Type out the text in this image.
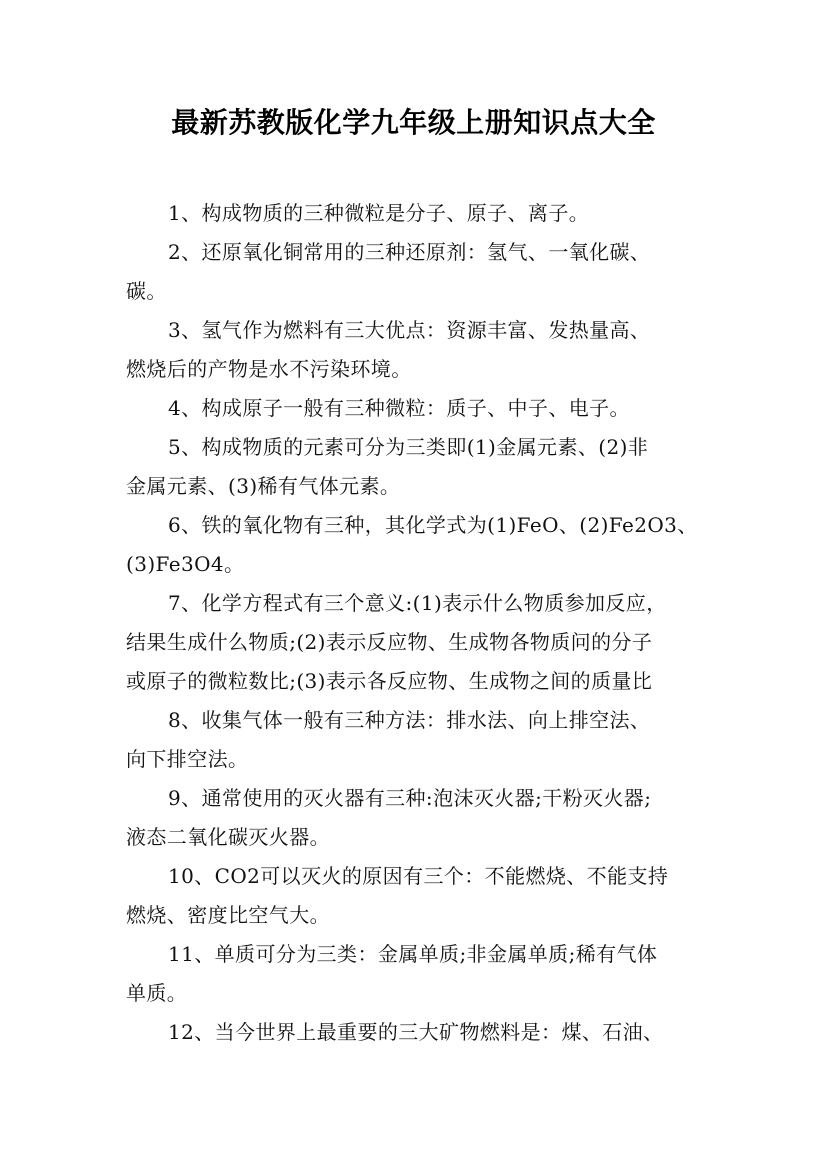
最新苏教版化学九年级上册知识点大全
1、构成物质的三种微粒是分子、原子、离子。
2、还原氧化铜常用的三种还原剂：氢气、一氧化碳、
碳。
3、氢气作为燃料有三大优点：资源丰富、发热量高、
燃烧后的产物是水不污染环境。
4、构成原子一般有三种微粒：质子、中子、电子。
5、构成物质的元素可分为三类即(1)金属元素、(2)非
金属元素、(3)稀有气体元素。
6、铁的氧化物有三种，其化学式为(1)FeO、(2)Fe2O3、
(3)Fe3O4。
7、化学方程式有三个意义:(1)表示什么物质参加反应，
结果生成什么物质;(2)表示反应物、生成物各物质问的分子
或原子的微粒数比;(3)表示各反应物、生成物之间的质量比
8、收集气体一般有三种方法：排水法、向上排空法、
向下排空法。
9、通常使用的灭火器有三种:泡沫灭火器;干粉灭火器;
液态二氧化碳灭火器。
10、CO2可以灭火的原因有三个：不能燃烧、不能支持
燃烧、密度比空气大。
11、单质可分为三类：金属单质;非金属单质;稀有气体
单质。
12、当今世界上最重要的三大矿物燃料是：煤、石油、
